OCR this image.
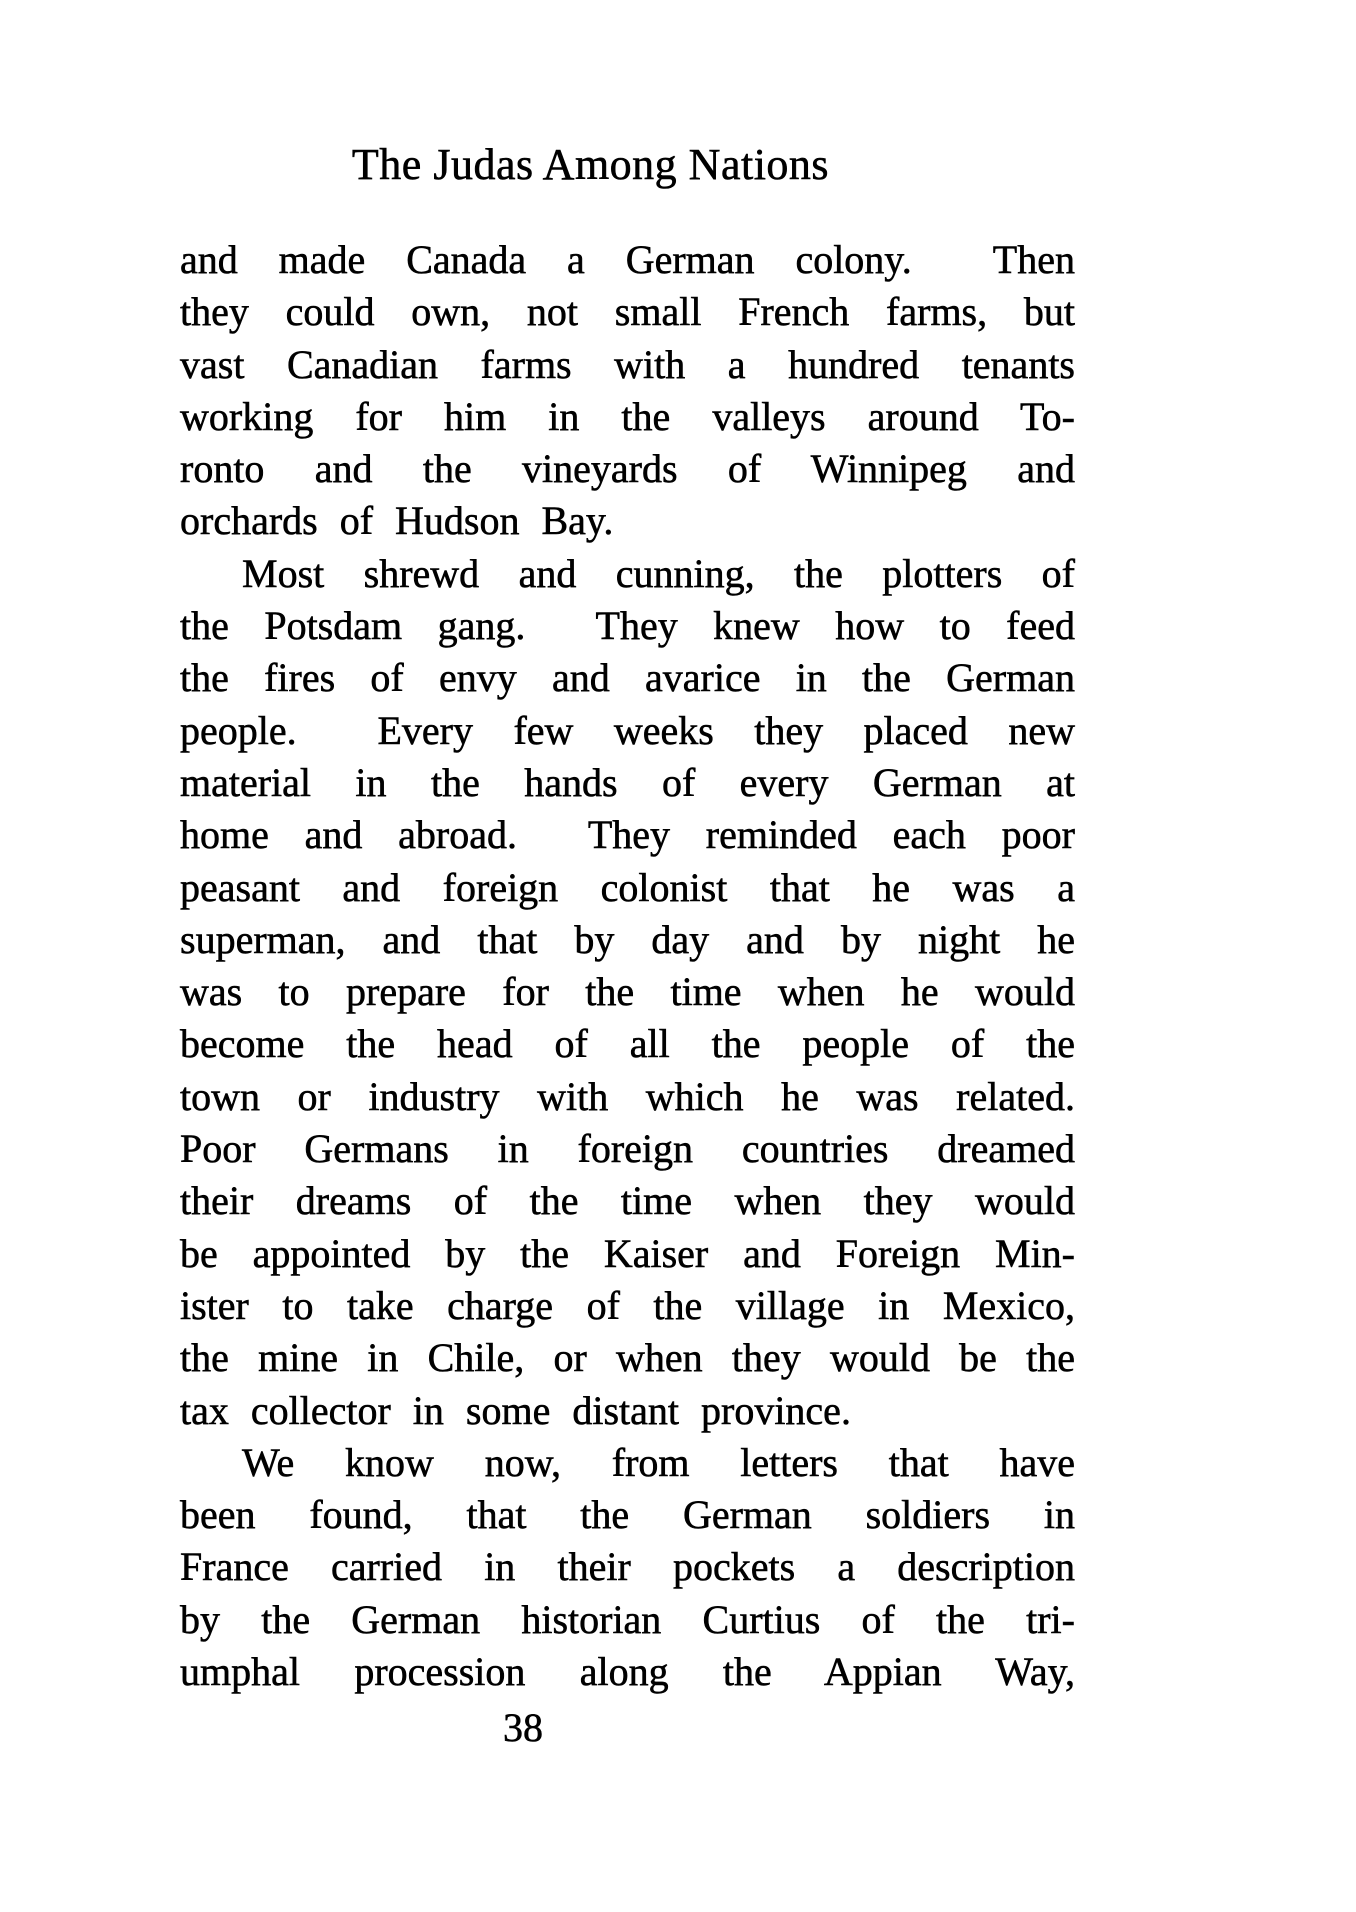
The Judas Among Nations
and made Canada a German colony.  Then
they could own, not small French farms, but
vast Canadian farms with a hundred tenants
working for him in the valleys around To-
ronto and the vineyards of Winnipeg and
orchards of Hudson Bay.
Most shrewd and cunning, the plotters of
the Potsdam gang.  They knew how to feed
the fires of envy and avarice in the German
people.  Every few weeks they placed new
material in the hands of every German at
home and abroad.  They reminded each poor
peasant and foreign colonist that he was a
superman, and that by day and by night he
was to prepare for the time when he would
become the head of all the people of the
town or industry with which he was related.
Poor Germans in foreign countries dreamed
their dreams of the time when they would
be appointed by the Kaiser and Foreign Min-
ister to take charge of the village in Mexico,
the mine in Chile, or when they would be the
tax collector in some distant province.
We know now, from letters that have
been found, that the German soldiers in
France carried in their pockets a description
by the German historian Curtius of the tri-
umphal procession along the Appian Way,
38
